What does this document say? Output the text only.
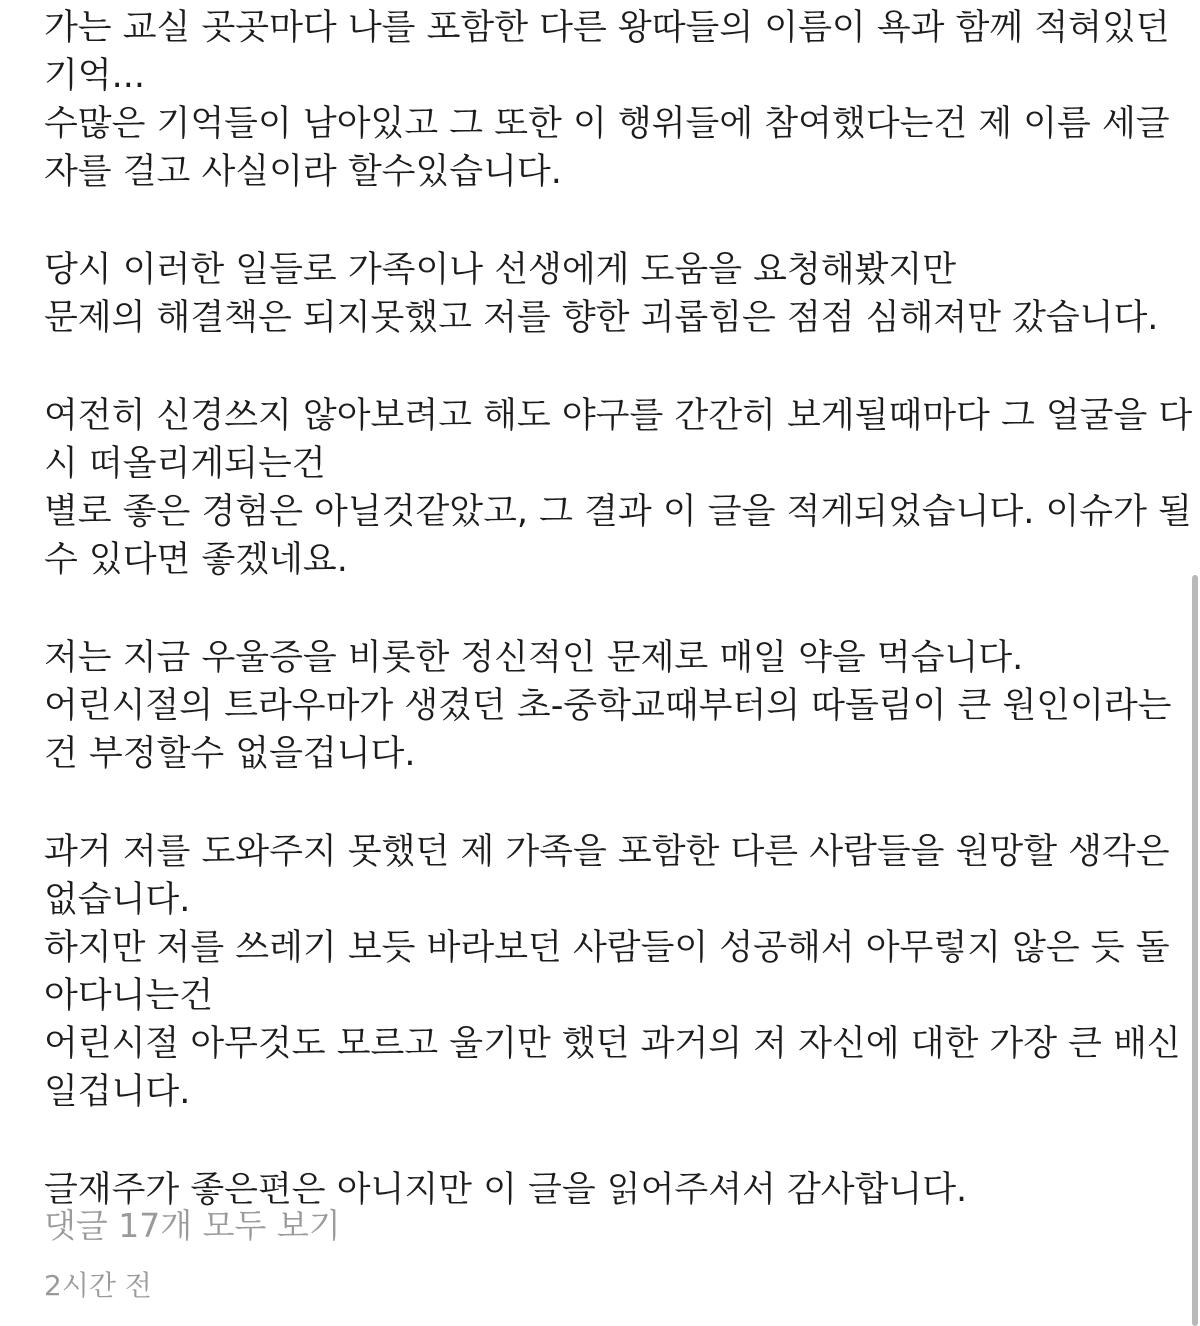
가는 교실 곳곳마다 나를 포함한 다른 왕따들의 이름이 욕과 함께 적혀있던
기억...
수많은 기억들이 남아있고 그 또한 이 행위들에 참여했다는건 제 이름 세글
자를 걸고 사실이라 할수있습니다.
당시 이러한 일들로 가족이나 선생에게 도움을 요청해봤지만
문제의 해결책은 되지못했고 저를 향한 괴롭힘은 점점 심해져만 갔습니다.
여전히 신경쓰지 않아보려고 해도 야구를 간간히 보게될때마다 그 얼굴을 다
시 떠올리게되는건
별로 좋은 경험은 아닐것같았고, 그 결과 이 글을 적게되었습니다. 이슈가 될
수 있다면 좋겠네요.
저는 지금 우울증을 비롯한 정신적인 문제로 매일 약을 먹습니다.
어린시절의 트라우마가 생겼던 초-중학교때부터의 따돌림이 큰 원인이라는
건 부정할수 없을겁니다.
과거 저를 도와주지 못했던 제 가족을 포함한 다른 사람들을 원망할 생각은
없습니다.
하지만 저를 쓰레기 보듯 바라보던 사람들이 성공해서 아무렇지 않은 듯 돌
아다니는건
어린시절 아무것도 모르고 울기만 했던 과거의 저 자신에 대한 가장 큰 배신
일겁니다.
글재주가 좋은편은 아니지만 이 글을 읽어주셔서 감사합니다.
댓글 17개 모두 보기
2시간 전
